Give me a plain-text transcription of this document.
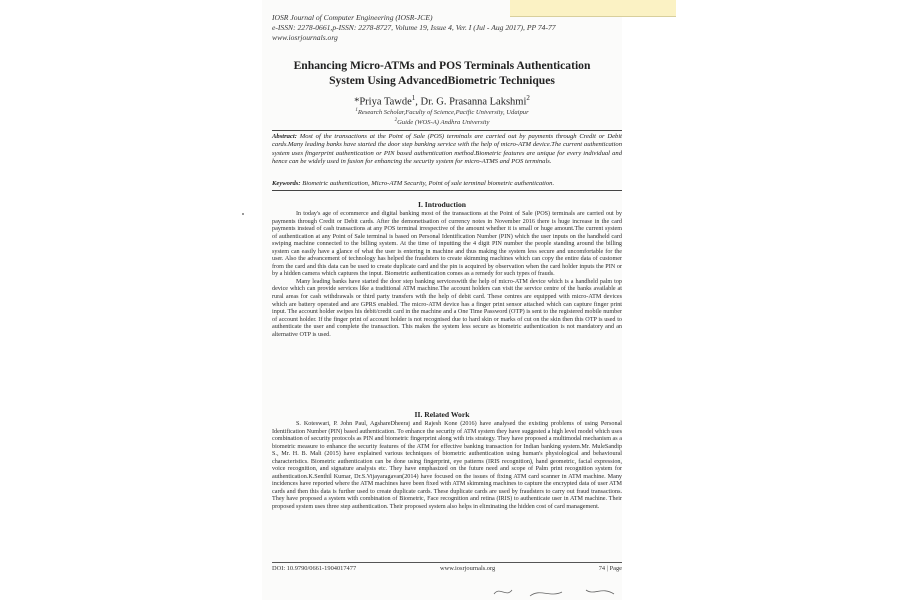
IOSR Journal of Computer Engineering (IOSR-JCE)
e-ISSN: 2278-0661,p-ISSN: 2278-8727, Volume 19, Issue 4, Ver. I (Jul - Aug 2017), PP 74-77
www.iosrjournals.org
Enhancing Micro-ATMs and POS Terminals Authentication
System Using AdvancedBiometric Techniques
*Priya Tawde$^1$, Dr. G. Prasanna Lakshmi$^2$
$^1$Research Scholar,Faculty of Science,Pacific University, Udaipur
$^2$Guide (WOS-A) Andhra University
Abstract: Most of the transactions at the Point of Sale (POS) terminals are carried out by payments through Credit or Debit cards.Many leading banks have started the door step banking service with the help of micro-ATM device.The current authentication system uses fingerprint authentication or PIN based authentication method.Biometric features are unique for every individual and hence can be widely used in fusion for enhancing the security system for micro-ATMS and POS terminals.
Keywords: Biometric authentication, Micro-ATM Security, Point of sale terminal biometric authentication.
I. Introduction

In today's age of ecommerce and digital banking most of the transactions at the Point of Sale (POS) terminals are carried out by payments through Credit or Debit cards. After the demonetisation of currency notes in November 2016 there is huge increase in the card payments instead of cash transactions at any POS terminal irrespective of the amount whether it is small or huge amount.The current system of authentication at any Point of Sale terminal is based on Personal Identification Number (PIN) which the user inputs on the handheld card swiping machine connected to the billing system. At the time of inputting the 4 digit PIN number the people standing around the billing system can easily have a glance of what the user is entering in machine and thus making the system less secure and uncomfortable for the user. Also the advancement of technology has helped the fraudsters to create skimming machines which can copy the entire data of customer from the card and this data can be used to create duplicate card and the pin is acquired by observation when the card holder inputs the PIN or by a hidden camera which captures the input. Biometric authentication comes as a remedy for such types of frauds.

Many leading banks have started the door step banking serviceswith the help of micro-ATM device which is a handheld palm top device which can provide services like a traditional ATM machine.The account holders can visit the service centre of the banks available at rural areas for cash withdrawals or third party transfers with the help of debit card. These centres are equipped with micro-ATM devices which are battery operated and are GPRS enabled. The micro-ATM device has a finger print sensor attached which can capture finger print input. The account holder swipes his debit/credit card in the machine and a One Time Password (OTP) is sent to the registered mobile number of account holder. If the finger print of account holder is not recognised due to hard skin or marks of cut on the skin then this OTP is used to authenticate the user and complete the transaction. This makes the system less secure as biometric authentication is not mandatory and an alternative OTP is used.

II. Related Work

S. Koteswari, P. John Paul, AgshareDheeraj and Rajesh Kone (2016) have analysed the existing problems of using Personal Identification Number (PIN) based authentication. To enhance the security of ATM system they have suggested a high level model which uses combination of security protocols as PIN and biometric fingerprint along with iris strategy. They have proposed a multimodal mechanism as a biometric measure to enhance the security features of the ATM for effective banking transaction for Indian banking system.Mr. MuleSandip S., Mr. H. B. Mali (2015) have explained various techniques of biometric authentication using human's physiological and behavioural characteristics. Biometric authentication can be done using fingerprint, eye patterns (IRIS recognition), hand geometric, facial expression, voice recognition, and signature analysis etc. They have emphasized on the future need and scope of Palm print recognition system for authentication.K.Senthil Kumar, Dr.S.Vijayaragavan(2014) have focused on the issues of fixing ATM card scanner in ATM machine. Many incidences have reported where the ATM machines have been fixed with ATM skimming machines to capture the encrypted data of user ATM cards and then this data is further used to create duplicate cards. These duplicate cards are used by fraudsters to carry out fraud transactions. They have proposed a system with combination of Biometric, Face recognition and retina (IRIS) to authenticate user in ATM machine. Their proposed system uses three step authentication. Their proposed system also helps in eliminating the hidden cost of card management.

DOI: 10.9790/0661-1904017477	www.iosrjournals.org	74 | Page
